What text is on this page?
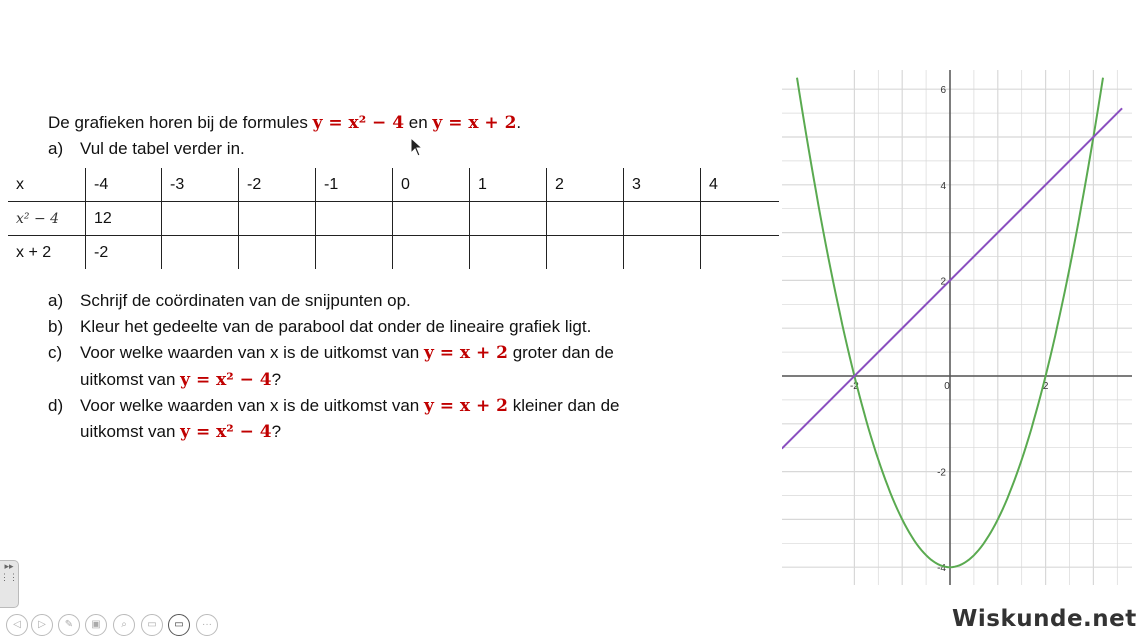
De grafieken horen bij de formules y = x² − 4 en y = x + 2.
a) Vul de tabel verder in.
x	-4	-3	-2	-1	0	1	2	3	4
x² − 4	12								
x + 2	-2								
a) Schrijf de coördinaten van de snijpunten op.
b) Kleur het gedeelte van de parabool dat onder de lineaire grafiek ligt.
c) Voor welke waarden van x is de uitkomst van y = x + 2 groter dan de
uitkomst van y = x² − 4?
d) Voor welke waarden van x is de uitkomst van y = x + 2 kleiner dan de
uitkomst van y = x² − 4?
-2	0	2
6
4
2
-2
-4
▸▸
⋮⋮
◁	▷	✎	▣	⌕	▭	▭	···	Wiskunde.net
